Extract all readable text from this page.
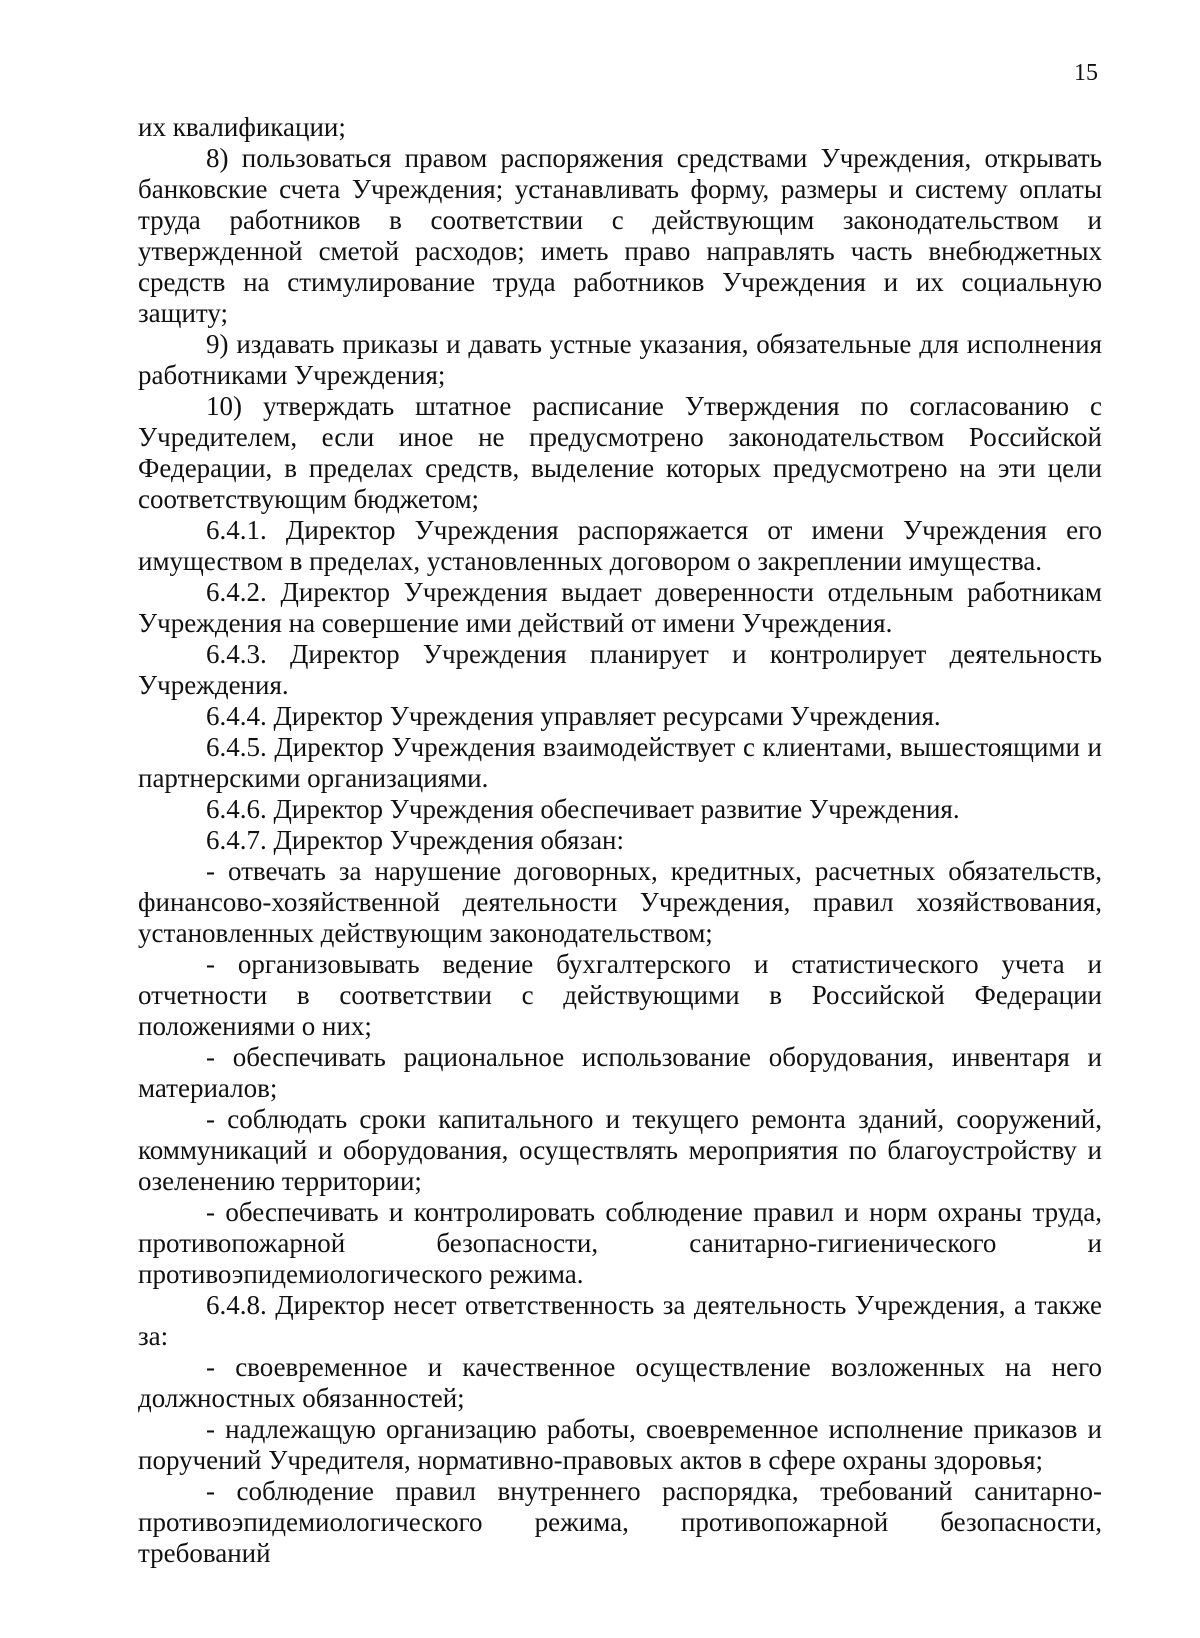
15

их квалификации;

8) пользоваться правом распоряжения средствами Учреждения, открывать банковские счета Учреждения; устанавливать форму, размеры и систему оплаты труда работников в соответствии с действующим законодательством и утвержденной сметой расходов; иметь право направлять часть внебюджетных средств на стимулирование труда работников Учреждения и их социальную защиту;

9) издавать приказы и давать устные указания, обязательные для исполнения работниками Учреждения;

10) утверждать штатное расписание Утверждения по согласованию с Учредителем, если иное не предусмотрено законодательством Российской Федерации, в пределах средств, выделение которых предусмотрено на эти цели соответствующим бюджетом;

6.4.1. Директор Учреждения распоряжается от имени Учреждения его имуществом в пределах, установленных договором о закреплении имущества.

6.4.2. Директор Учреждения выдает доверенности отдельным работникам Учреждения на совершение ими действий от имени Учреждения.

6.4.3. Директор Учреждения планирует и контролирует деятельность Учреждения.

6.4.4. Директор Учреждения управляет ресурсами Учреждения.

6.4.5. Директор Учреждения взаимодействует с клиентами, вышестоящими и партнерскими организациями.

6.4.6. Директор Учреждения обеспечивает развитие Учреждения.

6.4.7. Директор Учреждения обязан:

- отвечать за нарушение договорных, кредитных, расчетных обязательств, финансово-хозяйственной деятельности Учреждения, правил хозяйствования, установленных действующим законодательством;

- организовывать ведение бухгалтерского и статистического учета и отчетности в соответствии с действующими в Российской Федерации положениями о них;

- обеспечивать рациональное использование оборудования, инвентаря и материалов;

- соблюдать сроки капитального и текущего ремонта зданий, сооружений, коммуникаций и оборудования, осуществлять мероприятия по благоустройству и озеленению территории;

- обеспечивать и контролировать соблюдение правил и норм охраны труда, противопожарной безопасности, санитарно-гигиенического и противоэпидемиологического режима.

6.4.8. Директор несет ответственность за деятельность Учреждения, а также за:

- своевременное и качественное осуществление возложенных на него должностных обязанностей;

- надлежащую организацию работы, своевременное исполнение приказов и поручений Учредителя, нормативно-правовых актов в сфере охраны здоровья;

- соблюдение правил внутреннего распорядка, требований санитарно-противоэпидемиологического режима, противопожарной безопасности, требований
